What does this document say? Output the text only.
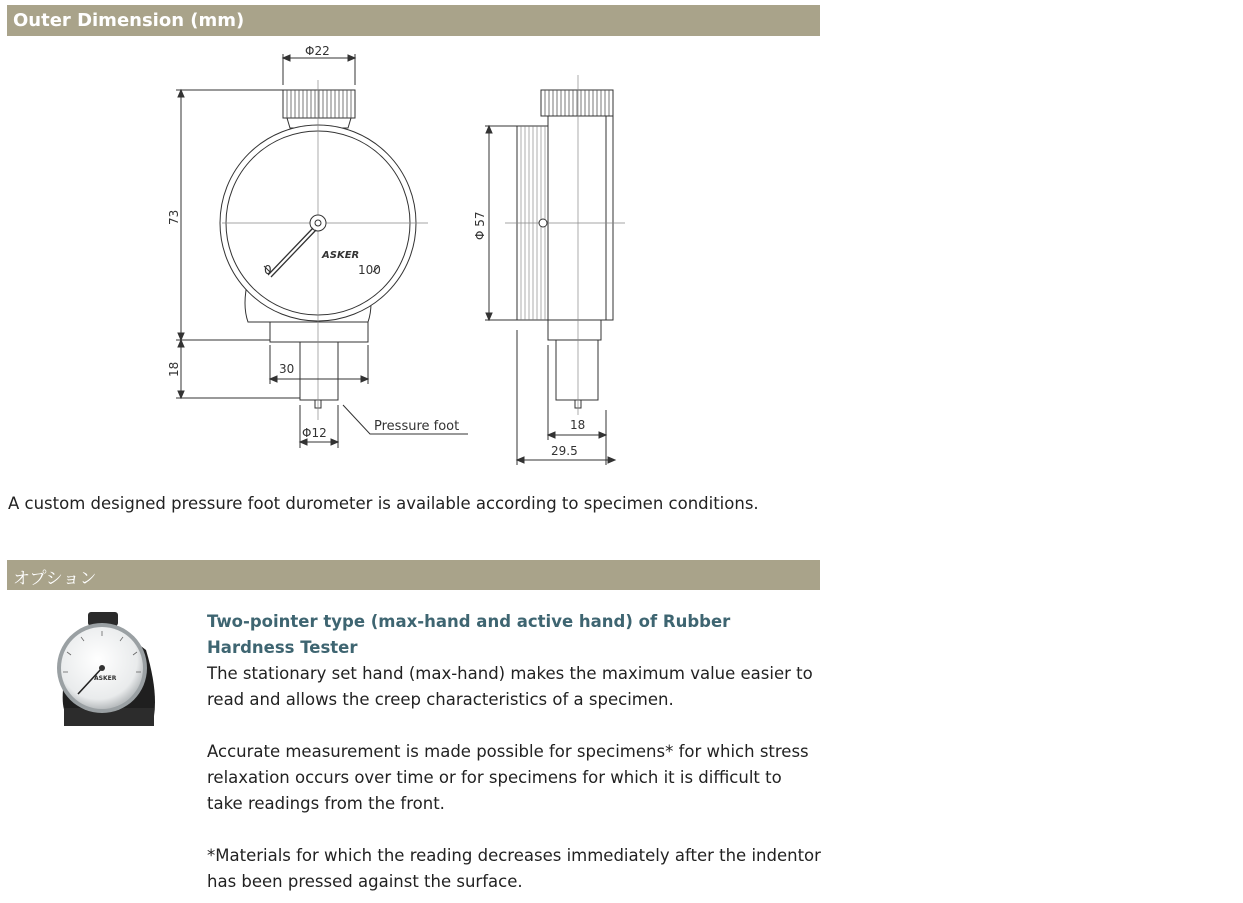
Outer Dimension (mm)
Φ22
73
18	30
Φ12	Pressure foot
Φ 57
18
29.5
0	100
ASKER
A custom designed pressure foot durometer is available according to specimen conditions.
オプション
ASKER
Two-pointer type (max-hand and active hand) of Rubber Hardness Tester
The stationary set hand (max-hand) makes the maximum value easier to read and allows the creep characteristics of a specimen.
Accurate measurement is made possible for specimens* for which stress relaxation occurs over time or for specimens for which it is difficult to take readings from the front.
*Materials for which the reading decreases immediately after the indentor has been pressed against the surface.
